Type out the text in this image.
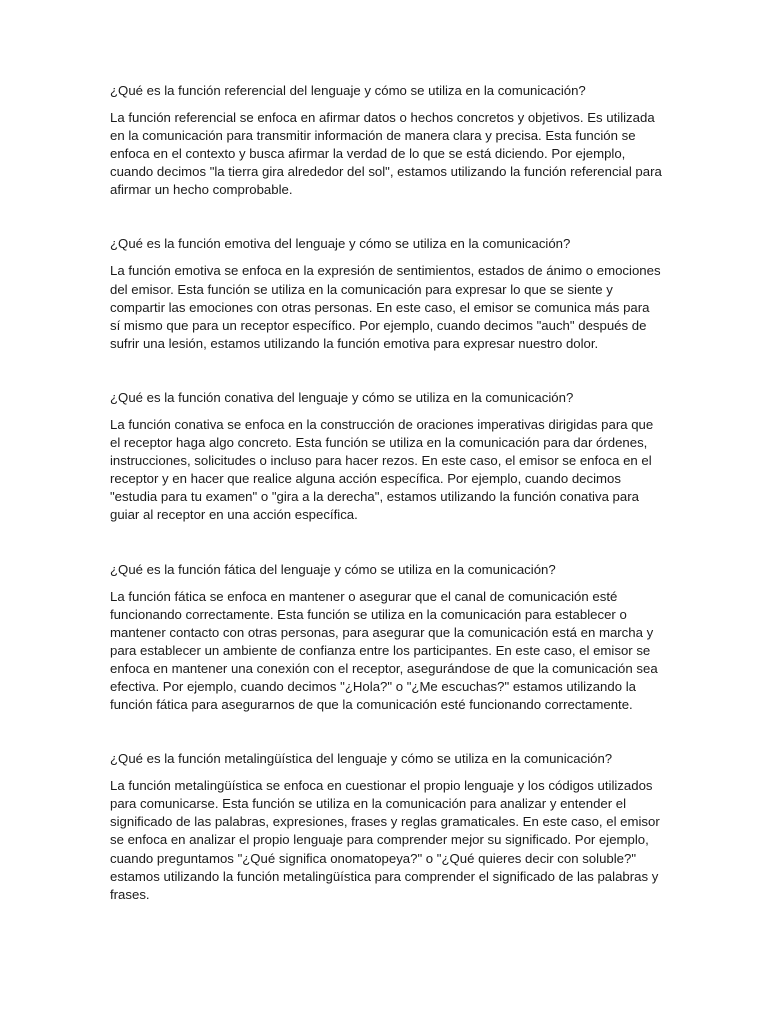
¿Qué es la función referencial del lenguaje y cómo se utiliza en la comunicación?

La función referencial se enfoca en afirmar datos o hechos concretos y objetivos. Es utilizada en la comunicación para transmitir información de manera clara y precisa. Esta función se enfoca en el contexto y busca afirmar la verdad de lo que se está diciendo. Por ejemplo, cuando decimos "la tierra gira alrededor del sol", estamos utilizando la función referencial para afirmar un hecho comprobable.

¿Qué es la función emotiva del lenguaje y cómo se utiliza en la comunicación?

La función emotiva se enfoca en la expresión de sentimientos, estados de ánimo o emociones del emisor. Esta función se utiliza en la comunicación para expresar lo que se siente y compartir las emociones con otras personas. En este caso, el emisor se comunica más para sí mismo que para un receptor específico. Por ejemplo, cuando decimos "auch" después de sufrir una lesión, estamos utilizando la función emotiva para expresar nuestro dolor.

¿Qué es la función conativa del lenguaje y cómo se utiliza en la comunicación?

La función conativa se enfoca en la construcción de oraciones imperativas dirigidas para que el receptor haga algo concreto. Esta función se utiliza en la comunicación para dar órdenes, instrucciones, solicitudes o incluso para hacer rezos. En este caso, el emisor se enfoca en el receptor y en hacer que realice alguna acción específica. Por ejemplo, cuando decimos "estudia para tu examen" o "gira a la derecha", estamos utilizando la función conativa para guiar al receptor en una acción específica.

¿Qué es la función fática del lenguaje y cómo se utiliza en la comunicación?

La función fática se enfoca en mantener o asegurar que el canal de comunicación esté funcionando correctamente. Esta función se utiliza en la comunicación para establecer o mantener contacto con otras personas, para asegurar que la comunicación está en marcha y para establecer un ambiente de confianza entre los participantes. En este caso, el emisor se enfoca en mantener una conexión con el receptor, asegurándose de que la comunicación sea efectiva. Por ejemplo, cuando decimos "¿Hola?" o "¿Me escuchas?" estamos utilizando la función fática para asegurarnos de que la comunicación esté funcionando correctamente.

¿Qué es la función metalingüística del lenguaje y cómo se utiliza en la comunicación?

La función metalingüística se enfoca en cuestionar el propio lenguaje y los códigos utilizados para comunicarse. Esta función se utiliza en la comunicación para analizar y entender el significado de las palabras, expresiones, frases y reglas gramaticales. En este caso, el emisor se enfoca en analizar el propio lenguaje para comprender mejor su significado. Por ejemplo, cuando preguntamos "¿Qué significa onomatopeya?" o "¿Qué quieres decir con soluble?" estamos utilizando la función metalingüística para comprender el significado de las palabras y frases.
